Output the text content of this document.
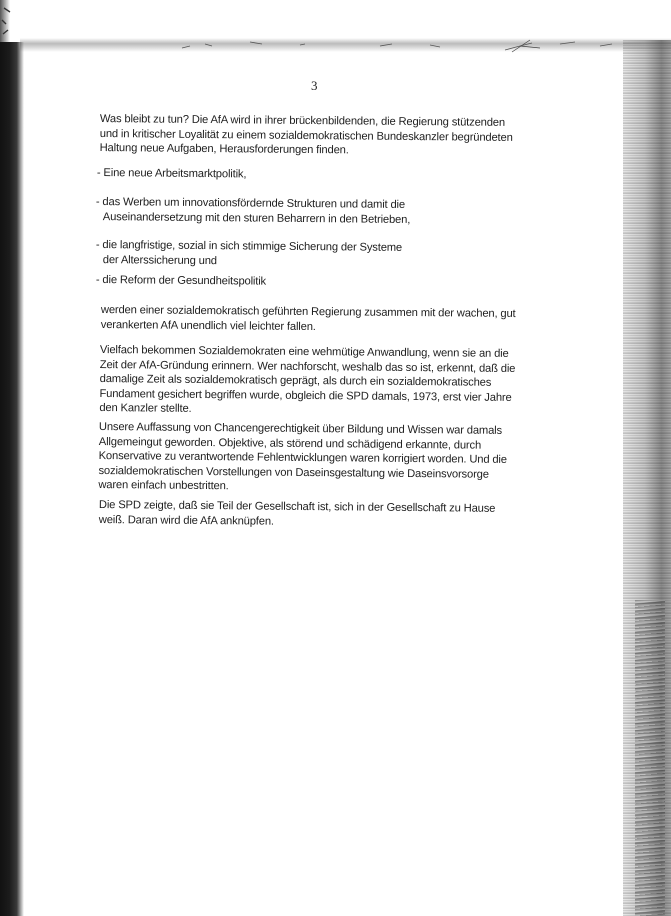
3
Was bleibt zu tun? Die AfA wird in ihrer brückenbildenden, die Regierung stützenden
und in kritischer Loyalität zu einem sozialdemokratischen Bundeskanzler begründeten
Haltung neue Aufgaben, Herausforderungen finden.
- Eine neue Arbeitsmarktpolitik,
- das Werben um innovationsfördernde Strukturen und damit die
Auseinandersetzung mit den sturen Beharrern in den Betrieben,
- die langfristige, sozial in sich stimmige Sicherung der Systeme
der Alterssicherung und
- die Reform der Gesundheitspolitik
werden einer sozialdemokratisch geführten Regierung zusammen mit der wachen, gut
verankerten AfA unendlich viel leichter fallen.
Vielfach bekommen Sozialdemokraten eine wehmütige Anwandlung, wenn sie an die
Zeit der AfA-Gründung erinnern. Wer nachforscht, weshalb das so ist, erkennt, daß die
damalige Zeit als sozialdemokratisch geprägt, als durch ein sozialdemokratisches
Fundament gesichert begriffen wurde, obgleich die SPD damals, 1973, erst vier Jahre
den Kanzler stellte.
Unsere Auffassung von Chancengerechtigkeit über Bildung und Wissen war damals
Allgemeingut geworden. Objektive, als störend und schädigend erkannte, durch
Konservative zu verantwortende Fehlentwicklungen waren korrigiert worden. Und die
sozialdemokratischen Vorstellungen von Daseinsgestaltung wie Daseinsvorsorge
waren einfach unbestritten.
Die SPD zeigte, daß sie Teil der Gesellschaft ist, sich in der Gesellschaft zu Hause
weiß. Daran wird die AfA anknüpfen.
